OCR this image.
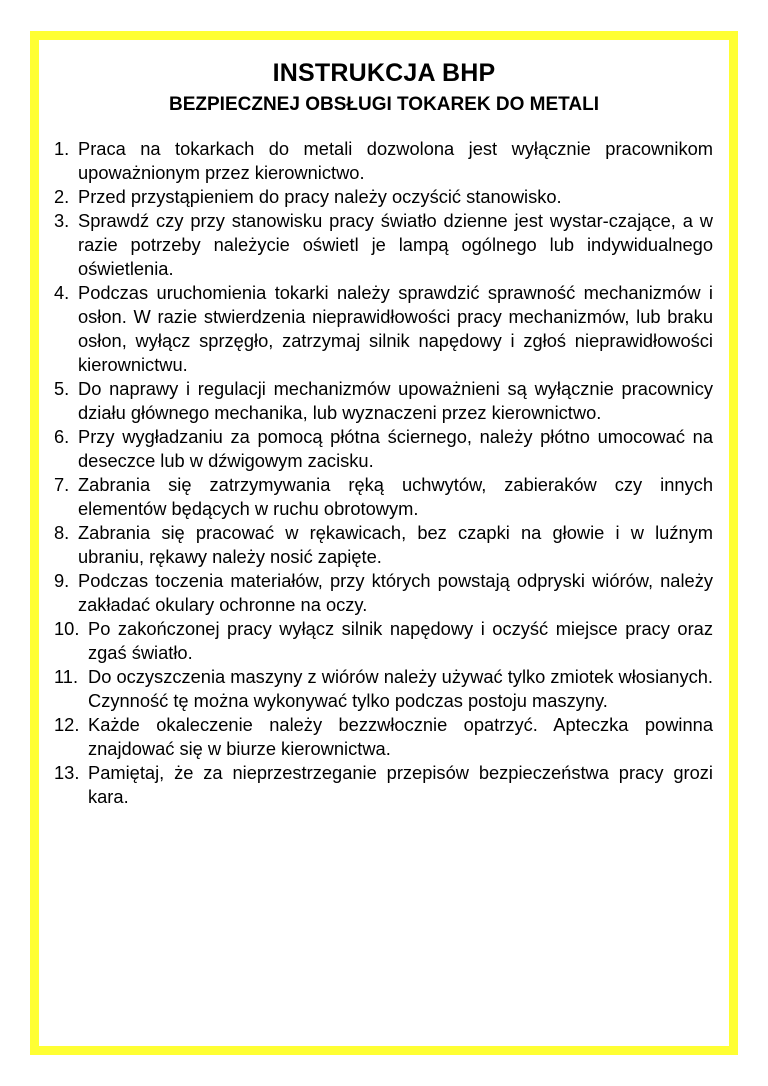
INSTRUKCJA BHP
BEZPIECZNEJ OBSŁUGI TOKAREK DO METALI
1. Praca na tokarkach do metali dozwolona jest wyłącznie pracownikom upoważnionym przez kierownictwo.
2. Przed przystąpieniem do pracy należy oczyścić stanowisko.
3. Sprawdź czy przy stanowisku pracy światło dzienne jest wystar-czające, a w razie potrzeby należycie oświetl je lampą ogólnego lub indywidualnego oświetlenia.
4. Podczas uruchomienia tokarki należy sprawdzić sprawność mechanizmów i osłon. W razie stwierdzenia nieprawidłowości pracy mechanizmów, lub braku osłon, wyłącz sprzęgło, zatrzymaj silnik napędowy i zgłoś nieprawidłowości kierownictwu.
5. Do naprawy i regulacji mechanizmów upoważnieni są wyłącznie pracownicy działu głównego mechanika, lub wyznaczeni przez kierownictwo.
6. Przy wygładzaniu za pomocą płótna ściernego, należy płótno umocować na deseczce lub w dźwigowym zacisku.
7. Zabrania się zatrzymywania ręką uchwytów, zabieraków czy innych elementów będących w ruchu obrotowym.
8. Zabrania się pracować w rękawicach, bez czapki na głowie i w luźnym ubraniu, rękawy należy nosić zapięte.
9. Podczas toczenia materiałów, przy których powstają odpryski wiórów, należy zakładać okulary ochronne na oczy.
10. Po zakończonej pracy wyłącz silnik napędowy i oczyść miejsce pracy oraz zgaś światło.
11. Do oczyszczenia maszyny z wiórów należy używać tylko zmiotek włosianych. Czynność tę można wykonywać tylko podczas postoju maszyny.
12. Każde okaleczenie należy bezzwłocznie opatrzyć. Apteczka powinna znajdować się w biurze kierownictwa.
13. Pamiętaj, że za nieprzestrzeganie przepisów bezpieczeństwa pracy grozi kara.
